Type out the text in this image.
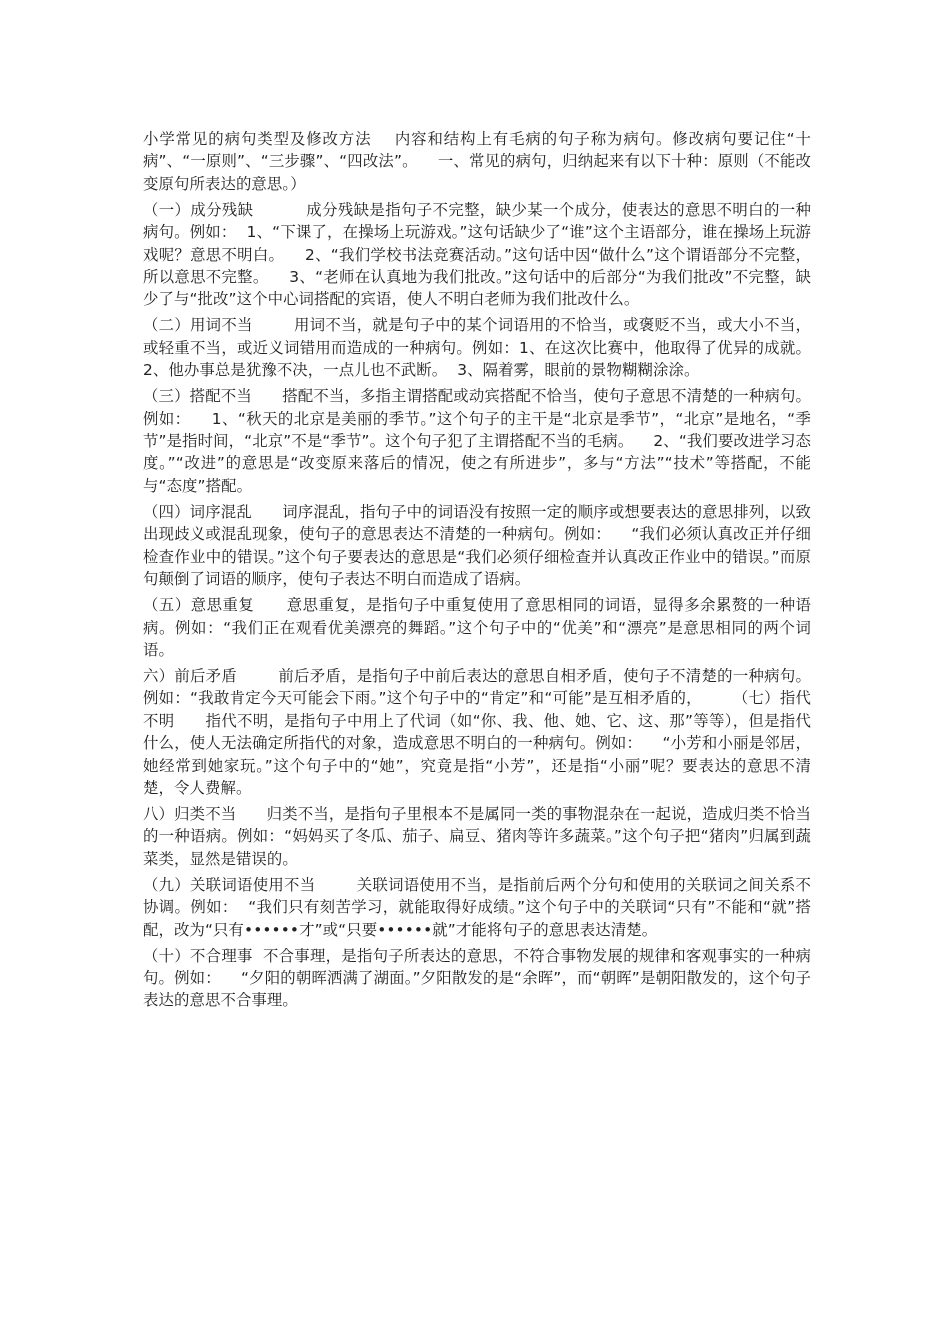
小学常见的病句类型及修改方法    内容和结构上有毛病的句子称为病句。修改病句要记住“十病”、“一原则”、“三步骤”、“四改法”。    一、常见的病句，归纳起来有以下十种：原则（不能改变原句所表达的意思。）

（一）成分残缺          成分残缺是指句子不完整，缺少某一个成分，使表达的意思不明白的一种病句。例如：  1、“下课了，在操场上玩游戏。”这句话缺少了“谁”这个主语部分，谁在操场上玩游戏呢？意思不明白。    2、“我们学校书法竞赛活动。”这句话中因“做什么”这个谓语部分不完整，所以意思不完整。    3、“老师在认真地为我们批改。”这句话中的后部分“为我们批改”不完整，缺少了与“批改”这个中心词搭配的宾语，使人不明白老师为我们批改什么。

（二）用词不当        用词不当，就是句子中的某个词语用的不恰当，或褒贬不当，或大小不当，或轻重不当，或近义词错用而造成的一种病句。例如：1、在这次比赛中，他取得了优异的成就。2、他办事总是犹豫不决，一点儿也不武断。  3、隔着雾，眼前的景物糊糊涂涂。

（三）搭配不当      搭配不当，多指主谓搭配或动宾搭配不恰当，使句子意思不清楚的一种病句。例如：    1、“秋天的北京是美丽的季节。”这个句子的主干是“北京是季节”，“北京”是地名，“季节”是指时间，“北京”不是“季节”。这个句子犯了主谓搭配不当的毛病。    2、“我们要改进学习态度。”“改进”的意思是“改变原来落后的情况，使之有所进步”，多与“方法”“技术”等搭配，不能与“态度”搭配。

（四）词序混乱      词序混乱，指句子中的词语没有按照一定的顺序或想要表达的意思排列，以致出现歧义或混乱现象，使句子的意思表达不清楚的一种病句。例如：    “我们必须认真改正并仔细检查作业中的错误。”这个句子要表达的意思是“我们必须仔细检查并认真改正作业中的错误。”而原句颠倒了词语的顺序，使句子表达不明白而造成了语病。

（五）意思重复      意思重复，是指句子中重复使用了意思相同的词语，显得多余累赘的一种语病。例如：“我们正在观看优美漂亮的舞蹈。”这个句子中的“优美”和“漂亮”是意思相同的两个词语。

六）前后矛盾        前后矛盾，是指句子中前后表达的意思自相矛盾，使句子不清楚的一种病句。例如：“我敢肯定今天可能会下雨。”这个句子中的“肯定”和“可能”是互相矛盾的，      （七）指代不明      指代不明，是指句子中用上了代词（如“你、我、他、她、它、这、那”等等），但是指代什么，使人无法确定所指代的对象，造成意思不明白的一种病句。例如：    “小芳和小丽是邻居，她经常到她家玩。”这个句子中的“她”，究竟是指“小芳”，还是指“小丽”呢？要表达的意思不清楚，令人费解。

八）归类不当      归类不当，是指句子里根本不是属同一类的事物混杂在一起说，造成归类不恰当的一种语病。例如：“妈妈买了冬瓜、茄子、扁豆、猪肉等许多蔬菜。”这个句子把“猪肉”归属到蔬菜类，显然是错误的。

（九）关联词语使用不当        关联词语使用不当，是指前后两个分句和使用的关联词之间关系不协调。例如：  “我们只有刻苦学习，就能取得好成绩。”这个句子中的关联词“只有”不能和“就”搭配，改为“只有••••••才”或“只要••••••就”才能将句子的意思表达清楚。

（十）不合理事  不合事理，是指句子所表达的意思，不符合事物发展的规律和客观事实的一种病句。例如：    “夕阳的朝晖洒满了湖面。”夕阳散发的是“余晖”，而“朝晖”是朝阳散发的，这个句子表达的意思不合事理。
